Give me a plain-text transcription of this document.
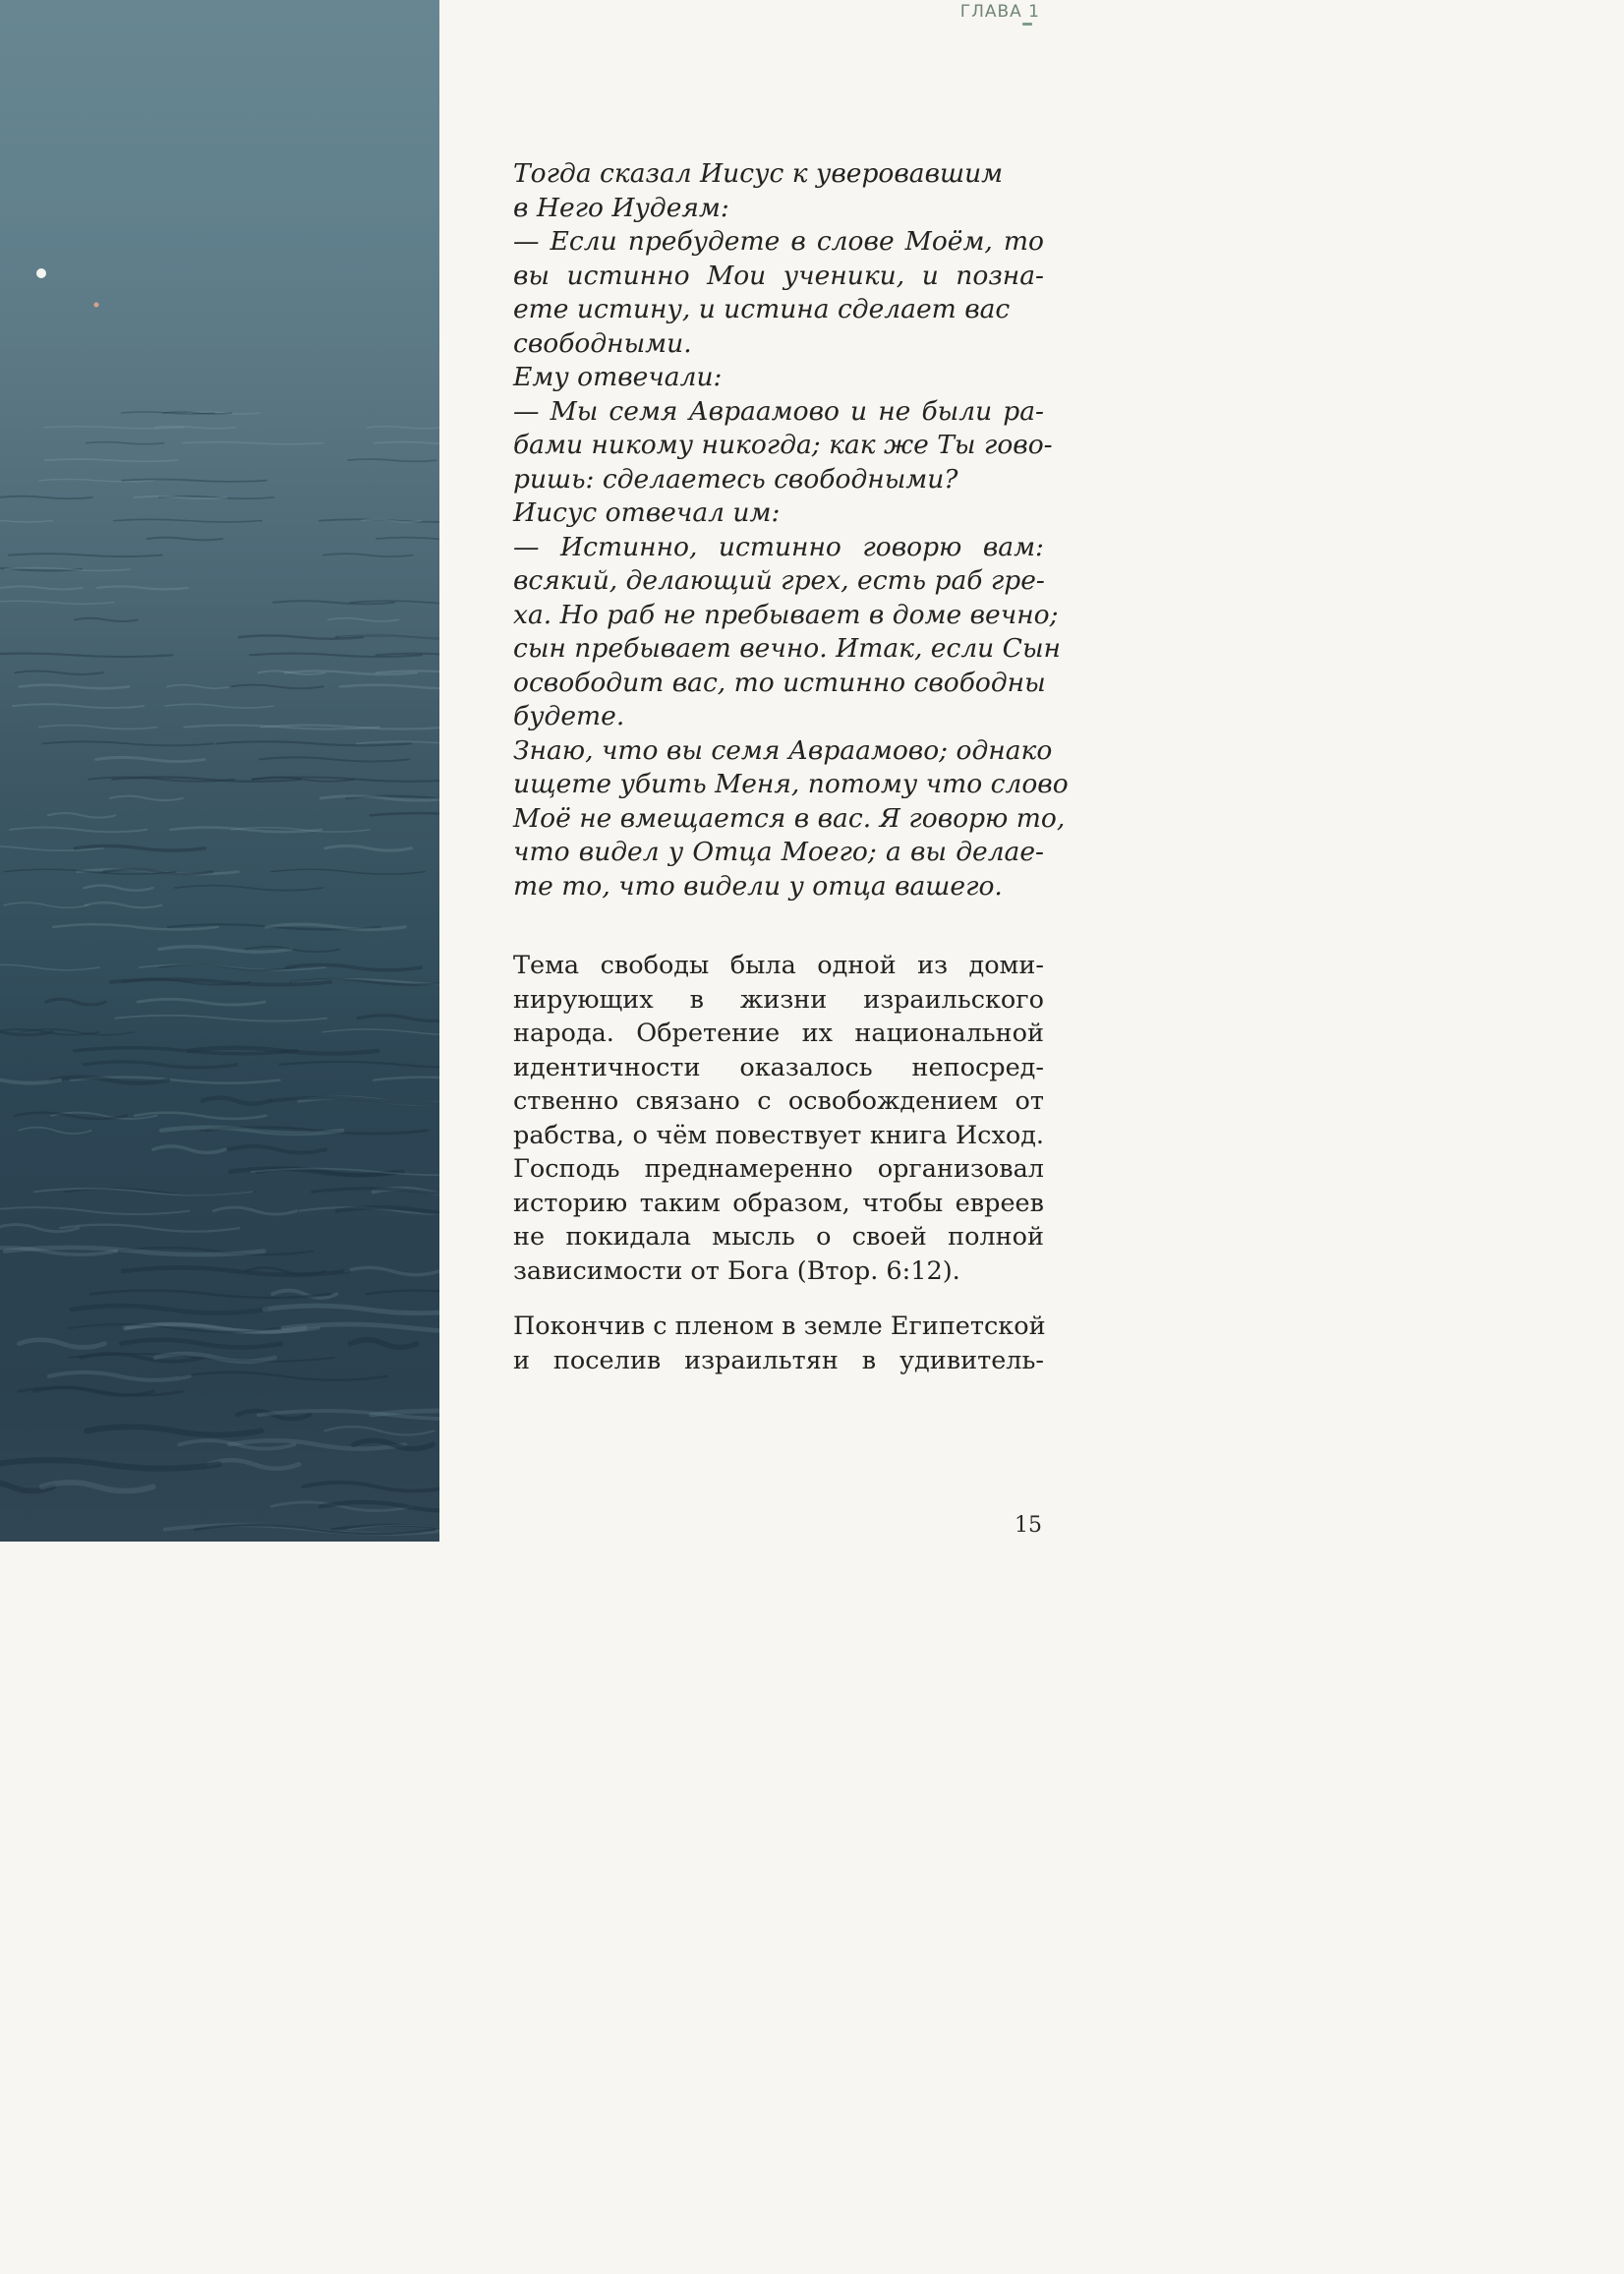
ГЛАВА 1
Тогда сказал Иисус к уверовавшим
в Него Иудеям:
— Если пребудете в слове Моём, то
вы истинно Мои ученики, и позна-
ете истину, и истина сделает вас
свободными.
Ему отвечали:
— Мы семя Авраамово и не были ра-
бами никому никогда; как же Ты гово-
ришь: сделаетесь свободными?
Иисус отвечал им:
— Истинно, истинно говорю вам:
всякий, делающий грех, есть раб гре-
ха. Но раб не пребывает в доме вечно;
сын пребывает вечно. Итак, если Сын
освободит вас, то истинно свободны
будете.
Знаю, что вы семя Авраамово; однако
ищете убить Меня, потому что слово
Моё не вмещается в вас. Я говорю то,
что видел у Отца Моего; а вы делае-
те то, что видели у отца вашего.
Тема свободы была одной из доми-
нирующих в жизни израильского
народа. Обретение их национальной
идентичности оказалось непосред-
ственно связано с освобождением от
рабства, о чём повествует книга Исход.
Господь преднамеренно организовал
историю таким образом, чтобы евреев
не покидала мысль о своей полной
зависимости от Бога (Втор. 6:12).
Покончив с пленом в земле Египетской
и поселив израильтян в удивитель-
15
